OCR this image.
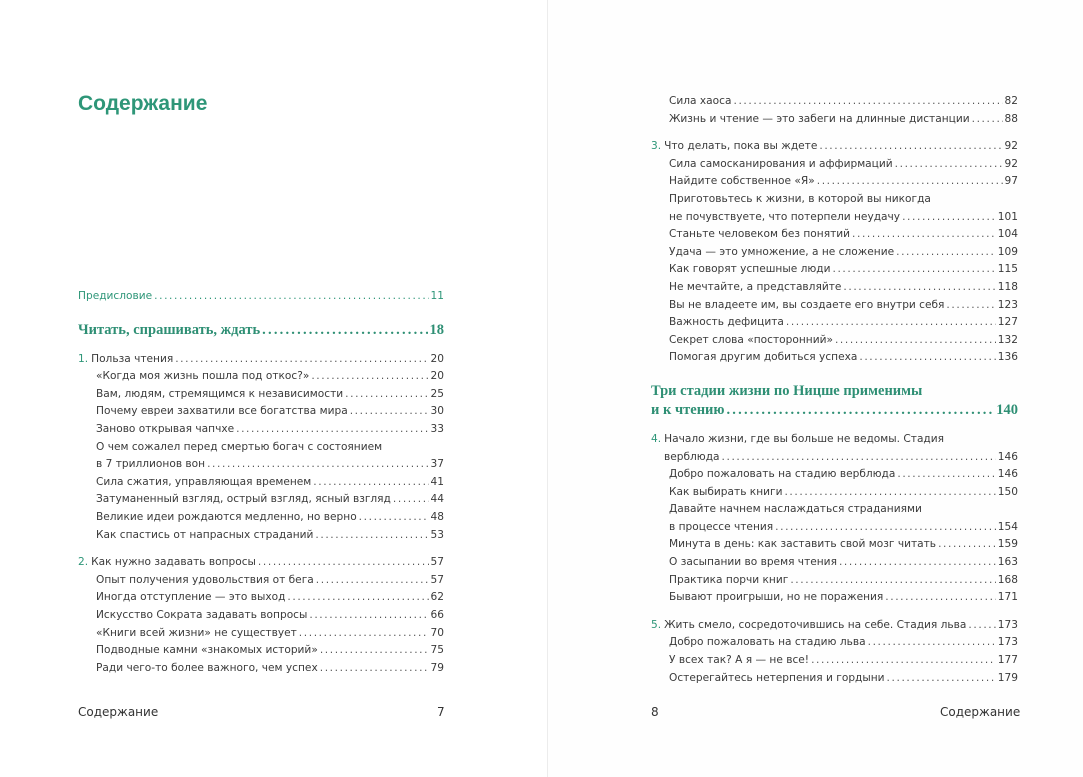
Содержание
Предисловие .....	11
Читать, спрашивать, ждать .....	18
1. Польза чтения .....	20
«Когда моя жизнь пошла под откос?» .....	20
Вам, людям, стремящимся к независимости .....	25
Почему евреи захватили все богатства мира .....	30
Заново открывая чапчхе .....	33
О чем сожалел перед смертью богач с состоянием
в 7 триллионов вон .....	37
Сила сжатия, управляющая временем .....	41
Затуманенный взгляд, острый взгляд, ясный взгляд .....	44
Великие идеи рождаются медленно, но верно .....	48
Как спастись от напрасных страданий .....	53
2. Как нужно задавать вопросы .....	57
Опыт получения удовольствия от бега .....	57
Иногда отступление — это выход .....	62
Искусство Сократа задавать вопросы .....	66
«Книги всей жизни» не существует .....	70
Подводные камни «знакомых историй» .....	75
Ради чего-то более важного, чем успех .....	79
Содержание	7
Сила хаоса .....	82
Жизнь и чтение — это забеги на длинные дистанции .....	88
3. Что делать, пока вы ждете .....	92
Сила самосканирования и аффирмаций .....	92
Найдите собственное «Я» .....	97
Приготовьтесь к жизни, в которой вы никогда
не почувствуете, что потерпели неудачу .....	101
Станьте человеком без понятий .....	104
Удача — это умножение, а не сложение .....	109
Как говорят успешные люди .....	115
Не мечтайте, а представляйте .....	118
Вы не владеете им, вы создаете его внутри себя .....	123
Важность дефицита .....	127
Секрет слова «посторонний» .....	132
Помогая другим добиться успеха .....	136
Три стадии жизни по Ницше применимы
и к чтению .....	140
4. Начало жизни, где вы больше не ведомы. Стадия
верблюда .....	146
Добро пожаловать на стадию верблюда .....	146
Как выбирать книги .....	150
Давайте начнем наслаждаться страданиями
в процессе чтения .....	154
Минута в день: как заставить свой мозг читать .....	159
О засыпании во время чтения .....	163
Практика порчи книг .....	168
Бывают проигрыши, но не поражения .....	171
5. Жить смело, сосредоточившись на себе. Стадия льва .....	173
Добро пожаловать на стадию льва .....	173
У всех так? А я — не все! .....	177
Остерегайтесь нетерпения и гордыни .....	179
8	Содержание
